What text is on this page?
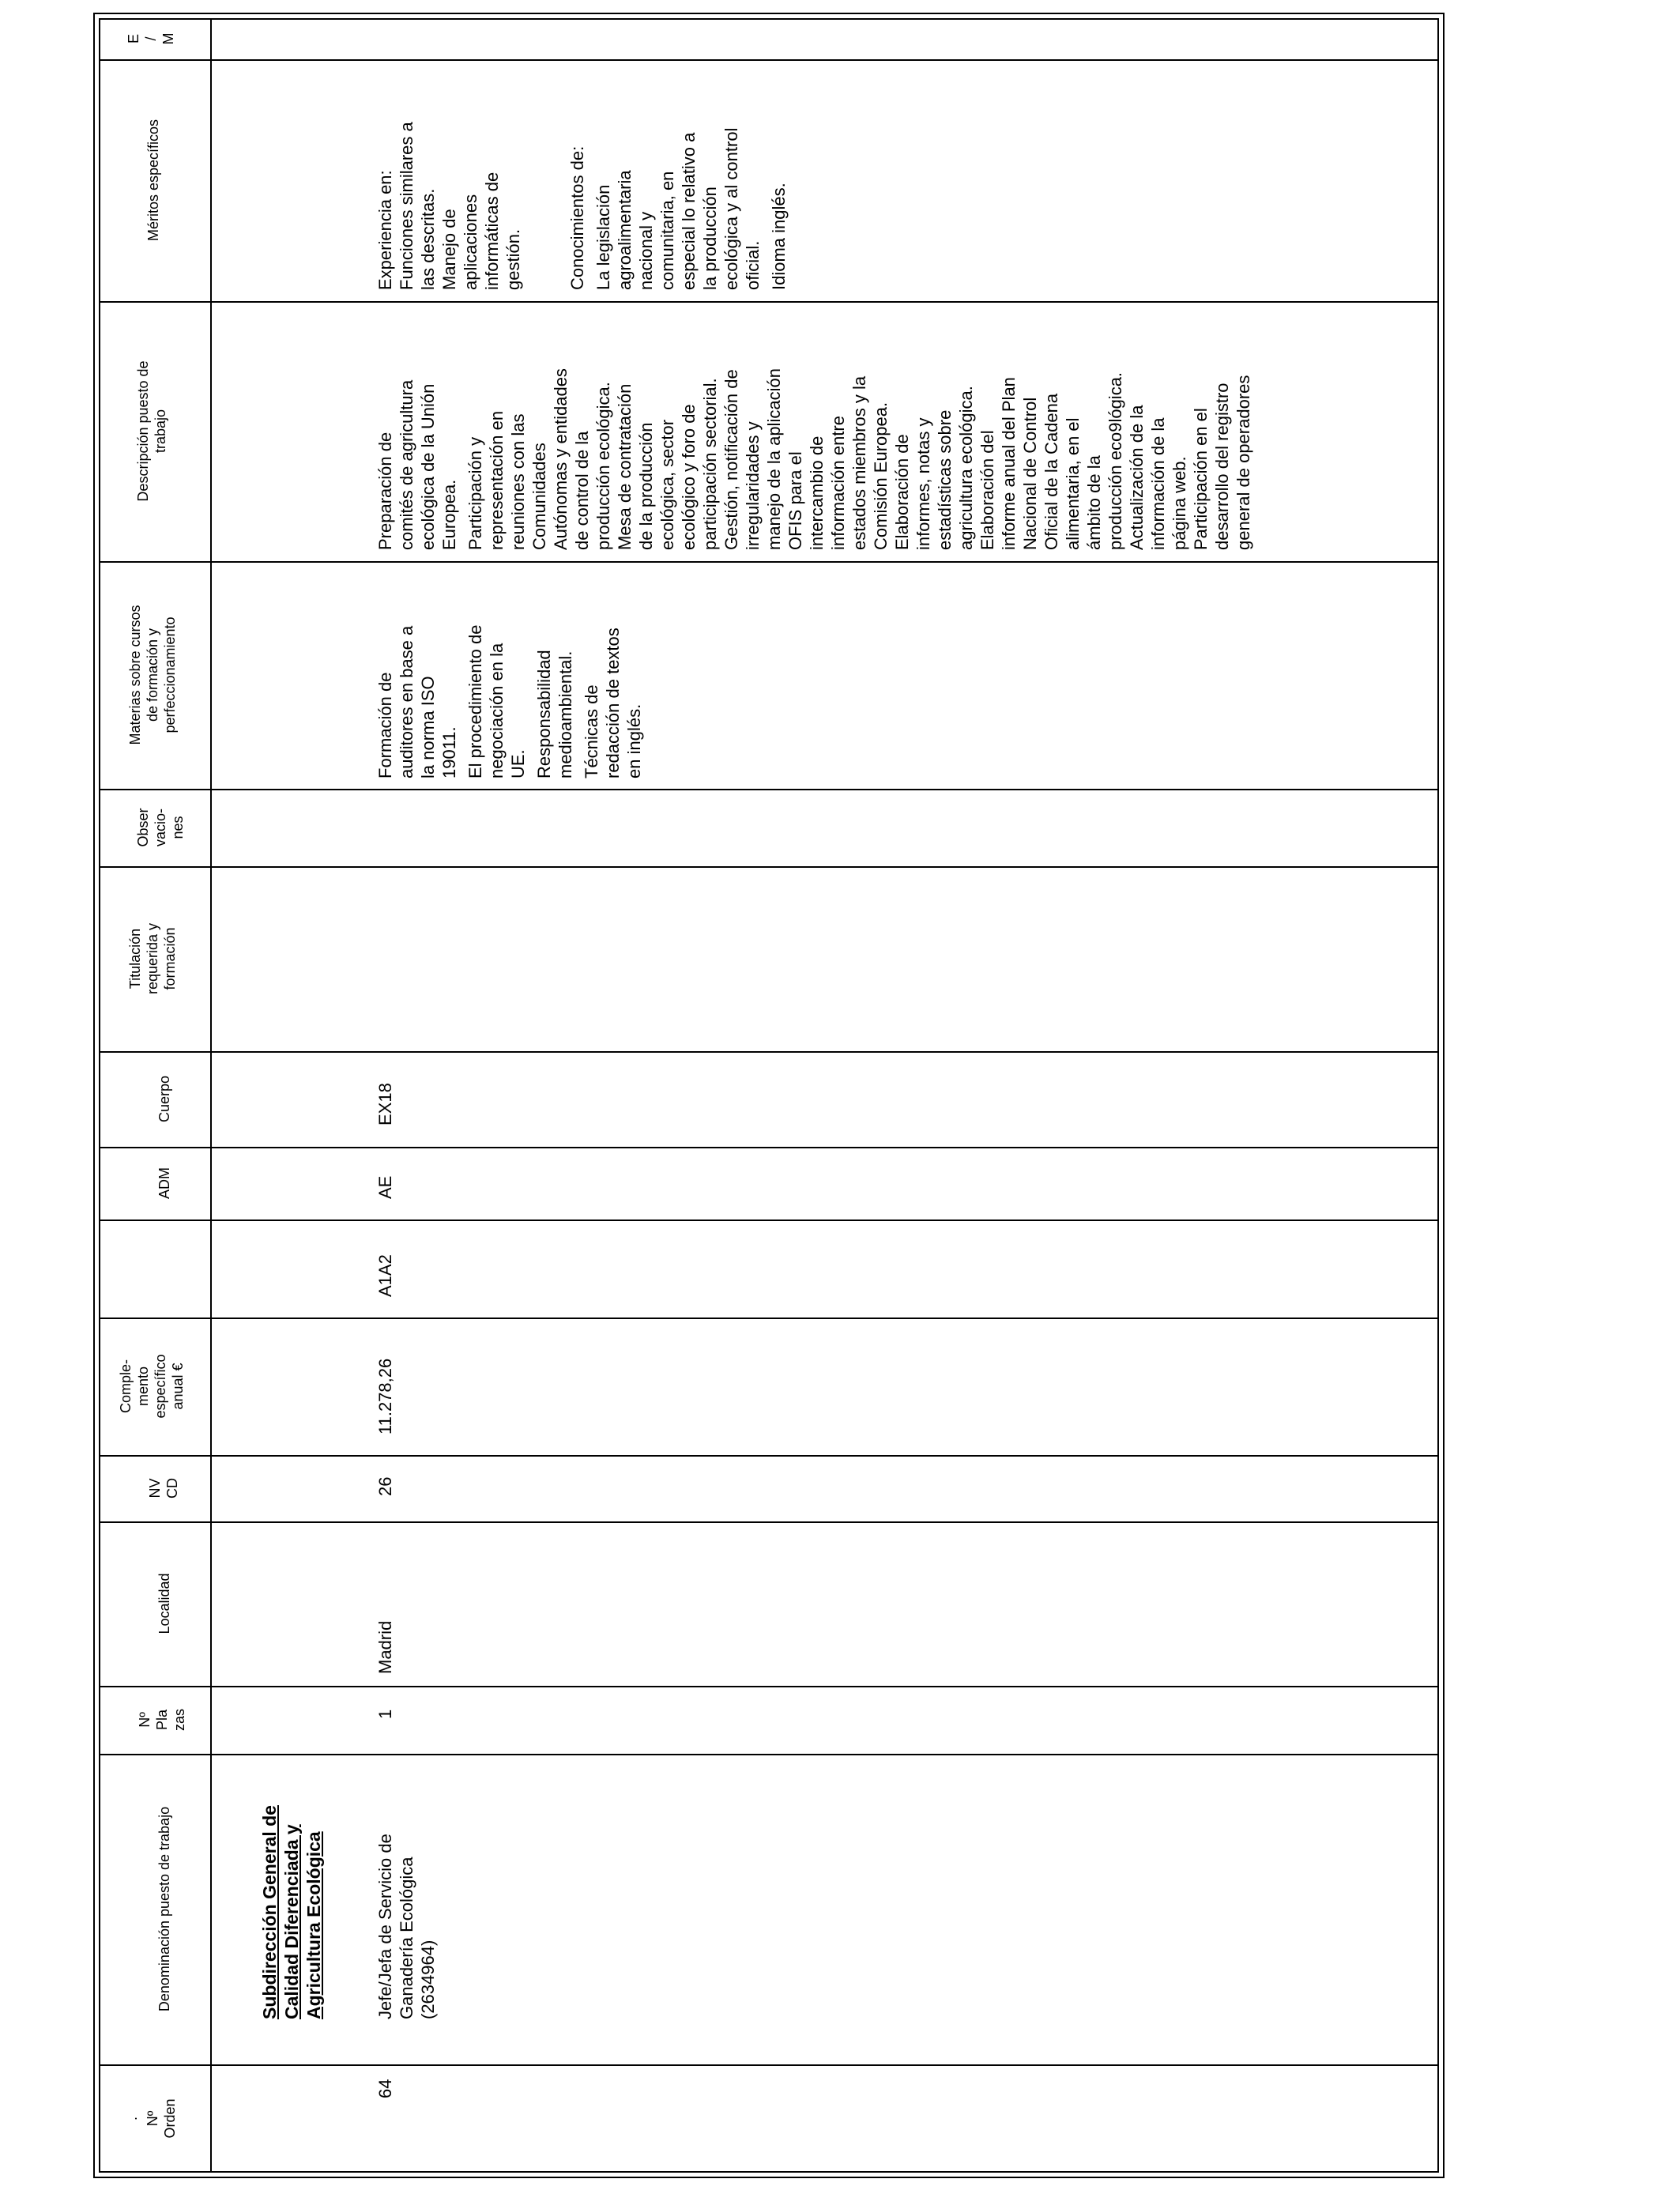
E / M
Méritos específicos
Descripción puesto de trabajo
Materias sobre cursos de formación y perfeccionamiento
Obser vacio- nes
Titulación requerida y formación
Cuerpo
ADM
Comple- mento específico anual €
NV CD
Localidad
Nº Pla zas
Denominación puesto de trabajo
· Nº Orden
Subdirección General de Calidad Diferenciada y Agricultura Ecológica
64
Jefe/Jefa de Servicio de Ganadería Ecológica (2634964)
1
Madrid
26
11.278,26
A1A2
AE
EX18
Formación de auditores en base a la norma ISO 19011. El procedimiento de negociación en la UE. Responsabilidad medioambiental. Técnicas de redacción de textos en inglés.
Preparación de comités de agricultura ecológica de la Unión Europea. Participación y representación en reuniones con las Comunidades Autónomas y entidades de control de la producción ecológica. Mesa de contratación de la producción ecológica, sector ecológico y foro de participación sectorial. Gestión, notificación de irregularidades y manejo de la aplicación OFIS para el intercambio de información entre estados miembros y la Comisión Europea. Elaboración de informes, notas y estadísticas sobre agricultura ecológica. Elaboración del informe anual del Plan Nacional de Control Oficial de la Cadena alimentaria, en el ámbito de la producción eco9lógica. Actualización de la información de la página web. Participación en el desarrollo del registro general de operadores
Experiencia en: Funciones similares a las descritas. Manejo de aplicaciones informáticas de gestión.	Conocimientos de: La legislación agroalimentaria nacional y comunitaria, en especial lo relativo a la producción ecológica y al control oficial. Idioma inglés.
